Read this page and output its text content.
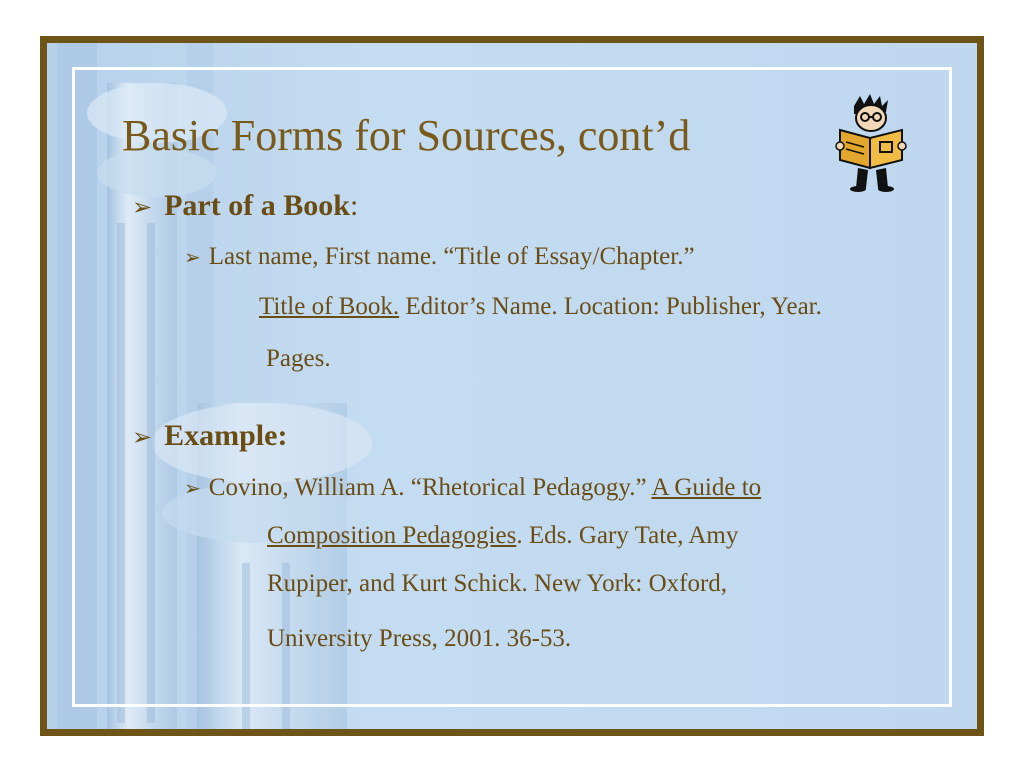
Basic Forms for Sources, cont’d
➢ Part of a Book:
➢ Last name, First name. “Title of Essay/Chapter.”
Title of Book. Editor’s Name. Location: Publisher, Year.
Pages.
➢ Example:
➢ Covino, William A. “Rhetorical Pedagogy.” A Guide to
Composition Pedagogies. Eds. Gary Tate, Amy
Rupiper, and Kurt Schick. New York: Oxford,
University Press, 2001. 36-53.
